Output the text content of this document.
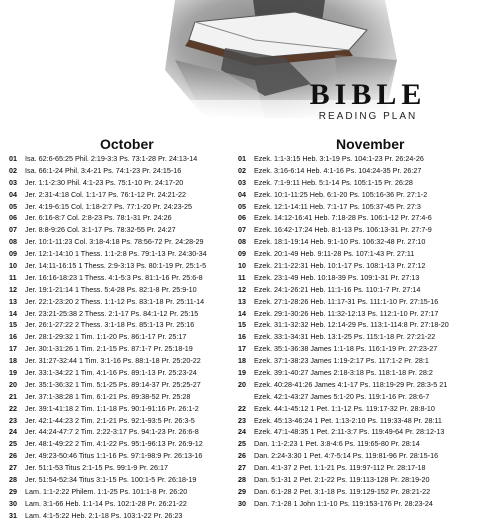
BIBLE
READING PLAN
October	November
01 Isa. 62:6-65:25 Phil. 2:19-3:3 Ps. 73:1-28 Pr. 24:13-14
02 Isa. 66:1-24 Phil. 3:4-21 Ps. 74:1-23 Pr. 24:15-16
03 Jer. 1:1-2:30 Phil. 4:1-23 Ps. 75:1-10 Pr. 24:17-20
04 Jer. 2:31-4:18 Col. 1:1-17 Ps. 76:1-12 Pr. 24:21-22
05 Jer. 4:19-6:15 Col. 1:18-2:7 Ps. 77:1-20 Pr. 24:23-25
06 Jer. 6:16-8:7 Col. 2:8-23 Ps. 78:1-31 Pr. 24:26
07 Jer. 8:8-9:26 Col. 3:1-17 Ps. 78:32-55 Pr. 24:27
08 Jer. 10:1-11:23 Col. 3:18-4:18 Ps. 78:56-72 Pr. 24:28-29
09 Jer. 12:1-14:10 1 Thess. 1:1-2:8 Ps. 79:1-13 Pr. 24:30-34
10 Jer. 14:11-16:15 1 Thess. 2:9-3:13 Ps. 80:1-19 Pr. 25:1-5
11 Jer. 16:16-18:23 1 Thess. 4:1-5:3 Ps. 81:1-16 Pr. 25:6-8
12 Jer. 19:1-21:14 1 Thess. 5:4-28 Ps. 82:1-8 Pr. 25:9-10
13 Jer. 22:1-23:20 2 Thess. 1:1-12 Ps. 83:1-18 Pr. 25:11-14
14 Jer. 23:21-25:38 2 Thess. 2:1-17 Ps. 84:1-12 Pr. 25:15
15 Jer. 26:1-27:22 2 Thess. 3:1-18 Ps. 85:1-13 Pr. 25:16
16 Jer. 28:1-29:32 1 Tim. 1:1-20 Ps. 86:1-17 Pr. 25:17
17 Jer. 30:1-31:26 1 Tim. 2:1-15 Ps. 87:1-7 Pr. 25:18-19
18 Jer. 31:27-32:44 1 Tim. 3:1-16 Ps. 88:1-18 Pr. 25:20-22
19 Jer. 33:1-34:22 1 Tim. 4:1-16 Ps. 89:1-13 Pr. 25:23-24
20 Jer. 35:1-36:32 1 Tim. 5:1-25 Ps. 89:14-37 Pr. 25:25-27
21 Jer. 37:1-38:28 1 Tim. 6:1-21 Ps. 89:38-52 Pr. 25:28
22 Jer. 39:1-41:18 2 Tim. 1:1-18 Ps. 90:1-91:16 Pr. 26:1-2
23 Jer. 42:1-44:23 2 Tim. 2:1-21 Ps. 92:1-93:5 Pr. 26:3-5
24 Jer. 44:24-47:7 2 Tim. 2:22-3:17 Ps. 94:1-23 Pr. 26:6-8
25 Jer. 48:1-49:22 2 Tim. 4:1-22 Ps. 95:1-96:13 Pr. 26:9-12
26 Jer. 49:23-50:46 Titus 1:1-16 Ps. 97:1-98:9 Pr. 26:13-16
27 Jer. 51:1-53 Titus 2:1-15 Ps. 99:1-9 Pr. 26:17
28 Jer. 51:54-52:34 Titus 3:1-15 Ps. 100:1-5 Pr. 26:18-19
29 Lam. 1:1-2:22 Philem. 1:1-25 Ps. 101:1-8 Pr. 26:20
30 Lam. 3:1-66 Heb. 1:1-14 Ps. 102:1-28 Pr. 26:21-22
31 Lam. 4:1-5:22 Heb. 2:1-18 Ps. 103:1-22 Pr. 26:23
01 Ezek. 1:1-3:15 Heb. 3:1-19 Ps. 104:1-23 Pr. 26:24-26
02 Ezek. 3:16-6:14 Heb. 4:1-16 Ps. 104:24-35 Pr. 26:27
03 Ezek. 7:1-9:11 Heb. 5:1-14 Ps. 105:1-15 Pr. 26:28
04 Ezek. 10:1-11:25 Heb. 6:1-20 Ps. 105:16-36 Pr. 27:1-2
05 Ezek. 12:1-14:11 Heb. 7:1-17 Ps. 105:37-45 Pr. 27:3
06 Ezek. 14:12-16:41 Heb. 7:18-28 Ps. 106:1-12 Pr. 27:4-6
07 Ezek. 16:42-17:24 Heb. 8:1-13 Ps. 106:13-31 Pr. 27:7-9
08 Ezek. 18:1-19:14 Heb. 9:1-10 Ps. 106:32-48 Pr. 27:10
09 Ezek. 20:1-49 Heb. 9:11-28 Ps. 107:1-43 Pr. 27:11
10 Ezek. 21:1-22:31 Heb. 10:1-17 Ps. 108:1-13 Pr. 27:12
11 Ezek. 23:1-49 Heb. 10:18-39 Ps. 109:1-31 Pr. 27:13
12 Ezek. 24:1-26:21 Heb. 11:1-16 Ps. 110:1-7 Pr. 27:14
13 Ezek. 27:1-28:26 Heb. 11:17-31 Ps. 111:1-10 Pr. 27:15-16
14 Ezek. 29:1-30:26 Heb. 11:32-12:13 Ps. 112:1-10 Pr. 27:17
15 Ezek. 31:1-32:32 Heb. 12:14-29 Ps. 113:1-114:8 Pr. 27:18-20
16 Ezek. 33:1-34:31 Heb. 13:1-25 Ps. 115:1-18 Pr. 27:21-22
17 Ezek. 35:1-36:38 James 1:1-18 Ps. 116:1-19 Pr. 27:23-27
18 Ezek. 37:1-38:23 James 1:19-2:17 Ps. 117:1-2 Pr. 28:1
19 Ezek. 39:1-40:27 James 2:18-3:18 Ps. 118:1-18 Pr. 28:2
20 Ezek. 40:28-41:26 James 4:1-17 Ps. 118:19-29 Pr. 28:3-5 21
Ezek. 42:1-43:27 James 5:1-20 Ps. 119:1-16 Pr. 28:6-7
22 Ezek. 44:1-45:12 1 Pet. 1:1-12 Ps. 119:17-32 Pr. 28:8-10
23 Ezek. 45:13-46:24 1 Pet. 1:13-2:10 Ps. 119:33-48 Pr. 28:11
24 Ezek. 47:1-48:35 1 Pet. 2:11-3:7 Ps. 119:49-64 Pr. 28:12-13
25 Dan. 1:1-2:23 1 Pet. 3:8-4:6 Ps. 119:65-80 Pr. 28:14
26 Dan. 2:24-3:30 1 Pet. 4:7-5:14 Ps. 119:81-96 Pr. 28:15-16
27 Dan. 4:1-37 2 Pet. 1:1-21 Ps. 119:97-112 Pr. 28:17-18
28 Dan. 5:1-31 2 Pet. 2:1-22 Ps. 119:113-128 Pr. 28:19-20
29 Dan. 6:1-28 2 Pet. 3:1-18 Ps. 119:129-152 Pr. 28:21-22
30 Dan. 7:1-28 1 John 1:1-10 Ps. 119:153-176 Pr. 28:23-24
